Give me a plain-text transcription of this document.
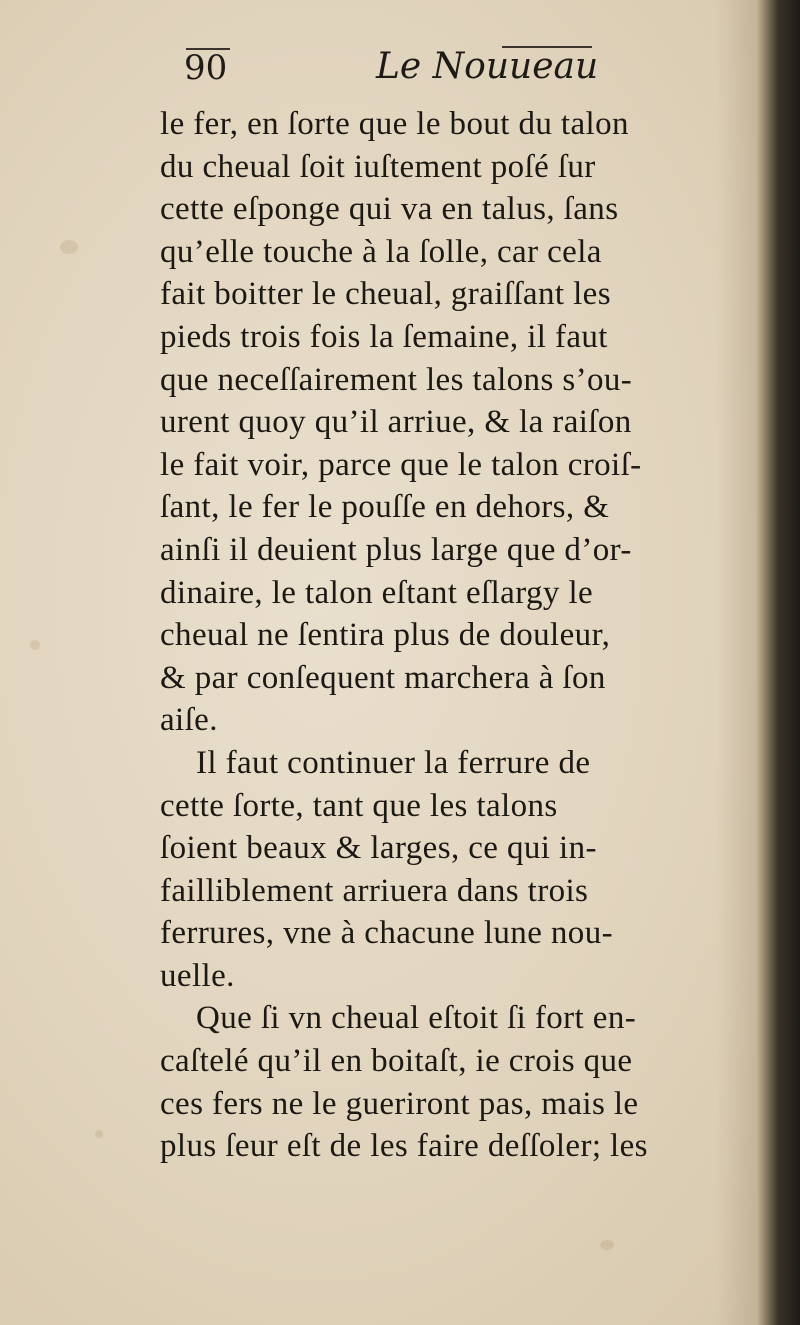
90	Le Nouueau
le fer, en ſorte que le bout du talon
du cheual ſoit iuſtement poſé ſur
cette eſponge qui va en talus, ſans
qu’elle touche à la ſolle, car cela
fait boitter le cheual, graiſſant les
pieds trois fois la ſemaine, il faut
que neceſſairement les talons s’ou-
urent quoy qu’il arriue, & la raiſon
le fait voir, parce que le talon croiſ-
ſant, le fer le pouſſe en dehors, &
ainſi il deuient plus large que d’or-
dinaire, le talon eſtant eſlargy le
cheual ne ſentira plus de douleur,
& par conſequent marchera à ſon
aiſe.
Il faut continuer la ferrure de
cette ſorte, tant que les talons
ſoient beaux & larges, ce qui in-
failliblement arriuera dans trois
ferrures, vne à chacune lune nou-
uelle.
Que ſi vn cheual eſtoit ſi fort en-
caſtelé qu’il en boitaſt, ie crois que
ces fers ne le gueriront pas, mais le
plus ſeur eſt de les faire deſſoler; les
